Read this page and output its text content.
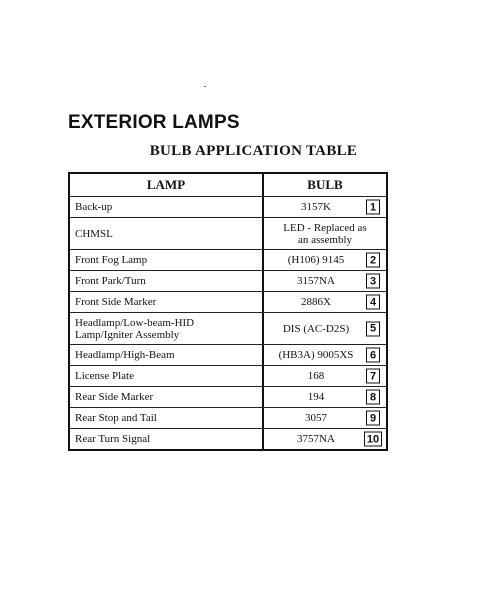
EXTERIOR LAMPS
BULB APPLICATION TABLE
LAMP	BULB
Back-up	3157K	1
CHMSL	LED - Replaced as an assembly
Front Fog Lamp	(H106) 9145	2
Front Park/Turn	3157NA	3
Front Side Marker	2886X	4
Headlamp/Low-beam-HID Lamp/Igniter Assembly	DIS (AC-D2S)	5
Headlamp/High-Beam	(HB3A) 9005XS	6
License Plate	168	7
Rear Side Marker	194	8
Rear Stop and Tail	3057	9
Rear Turn Signal	3757NA	10
